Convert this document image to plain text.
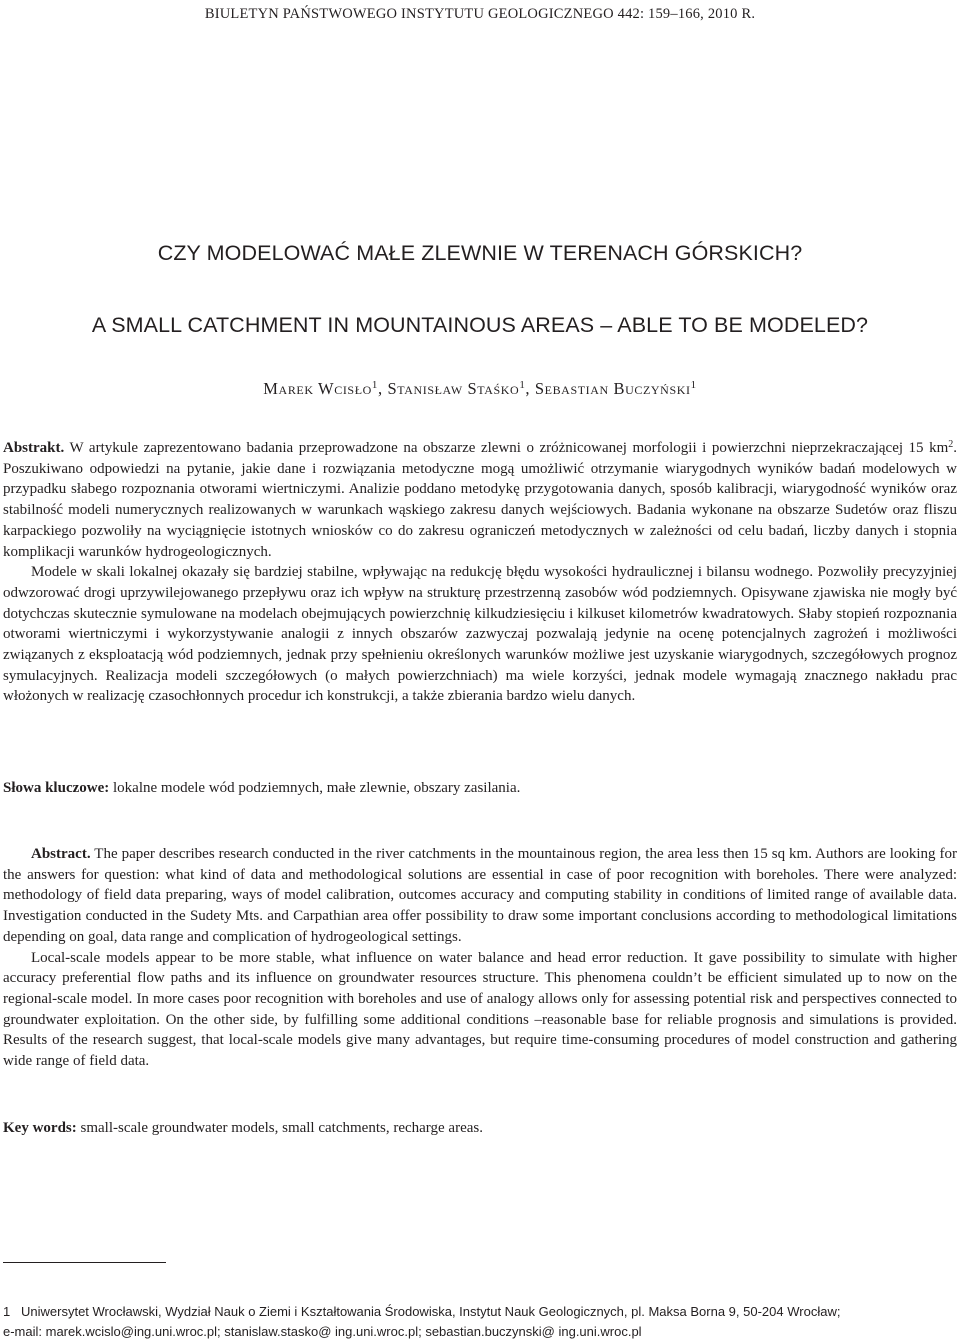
BIULETYN PAŃSTWOWEGO INSTYTUTU GEOLOGICZNEGO 442: 159–166, 2010 R.
CZY MODELOWAĆ MAŁE ZLEWNIE W TERENACH GÓRSKICH?
A SMALL CATCHMENT IN MOUNTAINOUS AREAS – ABLE TO BE MODELED?
Marek Wcisło$^1$, Stanisław Staśko$^1$, Sebastian Buczyński$^1$

Abstrakt. W artykule zaprezentowano badania przeprowadzone na obszarze zlewni o zróżnicowanej morfologii i powierzchni nieprzekraczającej 15 $km^2$. Poszukiwano odpowiedzi na pytanie, jakie dane i rozwiązania metodyczne mogą umożliwić otrzymanie wiarygodnych wyników badań modelowych w przypadku słabego rozpoznania otworami wiertniczymi. Analizie poddano metodykę przygotowania danych, sposób kalibracji, wiarygodność wyników oraz stabilność modeli numerycznych realizowanych w warunkach wąskiego zakresu danych wejściowych. Badania wykonane na obszarze Sudetów oraz fliszu karpackiego pozwoliły na wyciągnięcie istotnych wniosków co do zakresu ograniczeń metodycznych w zależności od celu badań, liczby danych i stopnia komplikacji warunków hydrogeologicznych.

Modele w skali lokalnej okazały się bardziej stabilne, wpływając na redukcję błędu wysokości hydraulicznej i bilansu wodnego. Pozwoliły precyzyjniej odwzorować drogi uprzywilejowanego przepływu oraz ich wpływ na strukturę przestrzenną zasobów wód podziemnych. Opisywane zjawiska nie mogły być dotychczas skutecznie symulowane na modelach obejmujących powierzchnię kilkudziesięciu i kilkuset kilometrów kwadratowych. Słaby stopień rozpoznania otworami wiertniczymi i wykorzystywanie analogii z innych obszarów zazwyczaj pozwalają jedynie na ocenę potencjalnych zagrożeń i możliwości związanych z eksploatacją wód podziemnych, jednak przy spełnieniu określonych warunków możliwe jest uzyskanie wiarygodnych, szczegółowych prognoz symulacyjnych. Realizacja modeli szczegółowych (o małych powierzchniach) ma wiele korzyści, jednak modele wymagają znacznego nakładu prac włożonych w realizację czasochłonnych procedur ich konstrukcji, a także zbierania bardzo wielu danych.

Słowa kluczowe: lokalne modele wód podziemnych, małe zlewnie, obszary zasilania.

Abstract. The paper describes research conducted in the river catchments in the mountainous region, the area less then 15 sq km. Authors are looking for the answers for question: what kind of data and methodological solutions are essential in case of poor recognition with boreholes. There were analyzed: methodology of field data preparing, ways of model calibration, outcomes accuracy and computing stability in conditions of limited range of available data. Investigation conducted in the Sudety Mts. and Carpathian area offer possibility to draw some important conclusions according to methodological limitations depending on goal, data range and complication of hydrogeological settings.

Local-scale models appear to be more stable, what influence on water balance and head error reduction. It gave possibility to simulate with higher accuracy preferential flow paths and its influence on groundwater resources structure. This phenomena couldn’t be efficient simulated up to now on the regional-scale model. In more cases poor recognition with boreholes and use of analogy allows only for assessing potential risk and perspectives connected to groundwater exploitation. On the other side, by fulfilling some additional conditions –reasonable base for reliable prognosis and simulations is provided. Results of the research suggest, that local-scale models give many advantages, but require time-consuming procedures of model construction and gathering wide range of field data.

Key words: small-scale groundwater models, small catchments, recharge areas.

1 Uniwersytet Wrocławski, Wydział Nauk o Ziemi i Kształtowania Środowiska, Instytut Nauk Geologicznych, pl. Maksa Borna 9, 50-204 Wrocław;
e-mail: marek.wcislo@ing.uni.wroc.pl; stanislaw.stasko@ ing.uni.wroc.pl; sebastian.buczynski@ ing.uni.wroc.pl
